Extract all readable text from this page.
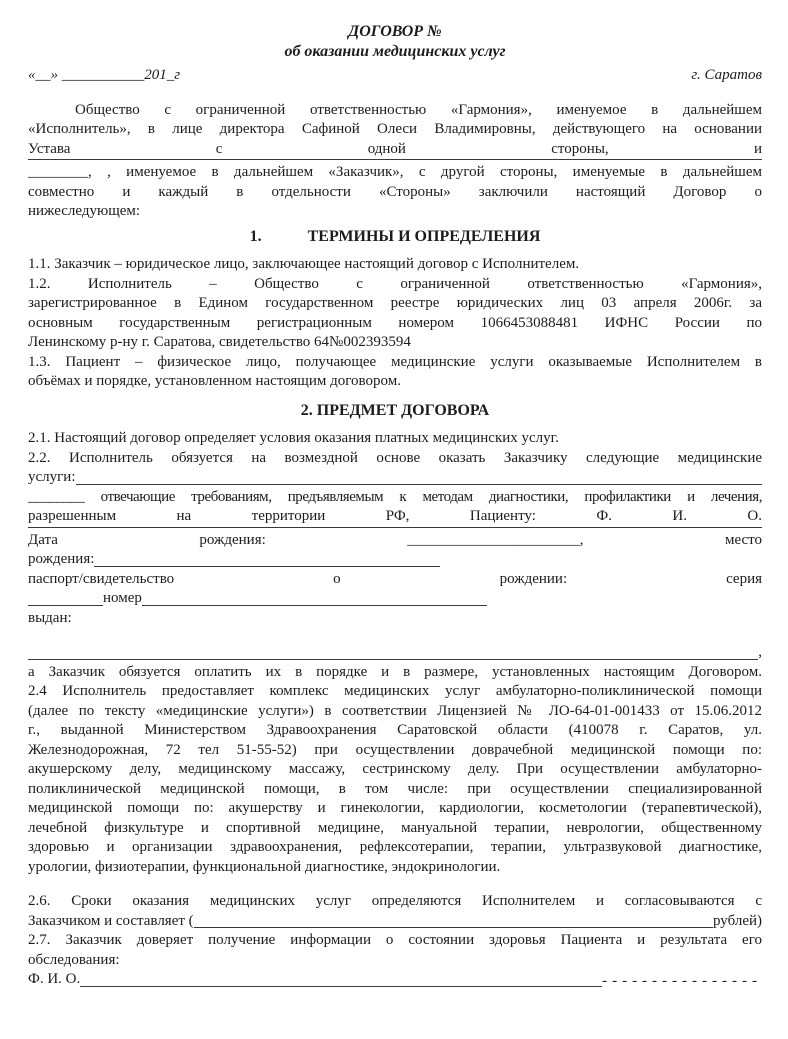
ДОГОВОР №
об оказании медицинских услуг
«__» ___________201_г	г. Саратов
Общество с ограниченной ответственностью «Гармония», именуемое в дальнейшем
«Исполнитель», в лице директора Сафиной Олеси Владимировны, действующего на основании
Устава с одной стороны, и
________, , именуемое в дальнейшем «Заказчик», с другой стороны, именуемые в дальнейшем
совместно и каждый в отдельности «Стороны» заключили настоящий Договор о
нижеследующем:
1.	ТЕРМИНЫ И ОПРЕДЕЛЕНИЯ
1.1. Заказчик – юридическое лицо, заключающее настоящий договор с Исполнителем.
1.2. Исполнитель – Общество с ограниченной ответственностью «Гармония»,
зарегистрированное в Едином государственном реестре юридических лиц 03 апреля 2006г. за
основным государственным регистрационным номером 1066453088481 ИФНС России по
Ленинскому р-ну г. Саратова, свидетельство 64№002393594
1.3. Пациент – физическое лицо, получающее медицинские услуги оказываемые Исполнителем в
объёмах и порядке, установленном настоящим договором.
2. ПРЕДМЕТ ДОГОВОРА
2.1. Настоящий договор определяет условия оказания платных медицинских услуг.
2.2. Исполнитель обязуется на возмездной основе оказать Заказчику следующие медицинские
услуги:
________ отвечающие требованиям, предъявляемым к методам диагностики, профилактики и лечения,
разрешенным на территории РФ, Пациенту: Ф. И. О.
Дата рождения: _______________________, место
рождения:
паспорт/свидетельство о рождении: серия
номер
выдан:
,
а Заказчик обязуется оплатить их в порядке и в размере, установленных настоящим Договором.
2.4 Исполнитель предоставляет комплекс медицинских услуг амбулаторно-поликлинической помощи
(далее по тексту «медицинские услуги») в соответствии Лицензией № ЛО-64-01-001433 от 15.06.2012
г., выданной Министерством Здравоохранения Саратовской области (410078 г. Саратов, ул.
Железнодорожная, 72 тел 51-55-52) при осуществлении доврачебной медицинской помощи по:
акушерскому делу, медицинскому массажу, сестринскому делу. При осуществлении амбулаторно-
поликлинической медицинской помощи, в том числе: при осуществлении специализированной
медицинской помощи по: акушерству и гинекологии, кардиологии, косметологии (терапевтической),
лечебной физкультуре и спортивной медицине, мануальной терапии, неврологии, общественному
здоровью и организации здравоохранения, рефлексотерапии, терапии, ультразвуковой диагностике,
урологии, физиотерапии, функциональной диагностике, эндокринологии.
2.6. Сроки оказания медицинских услуг определяются Исполнителем и согласовываются с
Заказчиком и составляет (	рублей)
2.7. Заказчик доверяет получение информации о состоянии здоровья Пациента и результата его
обследования:
Ф. И. О.	----------------
